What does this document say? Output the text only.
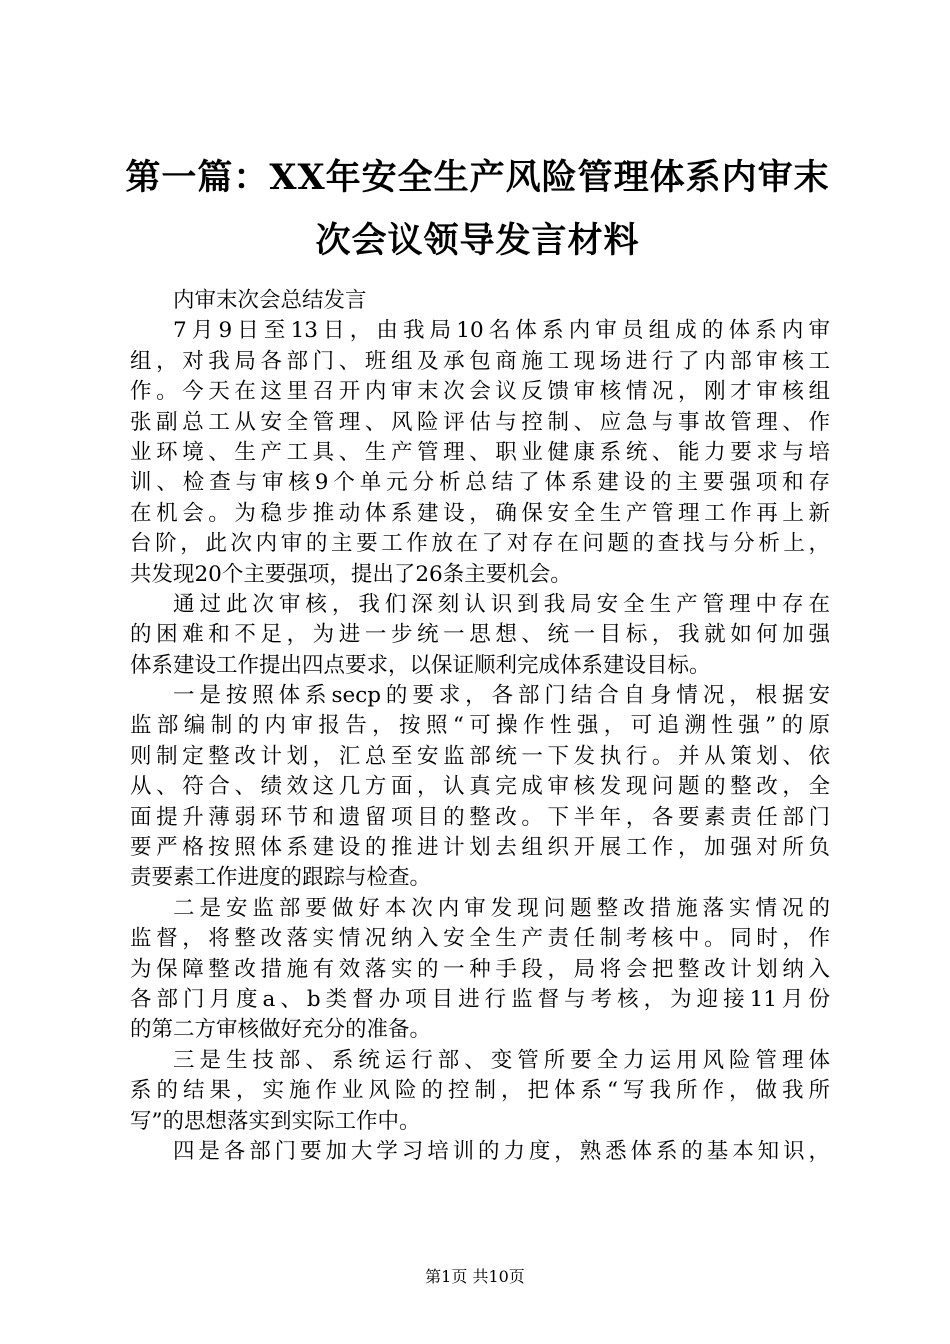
第一篇：XX年安全生产风险管理体系内审末
次会议领导发言材料
内审末次会总结发言
7月9日至13日，由我局10名体系内审员组成的体系内审
组，对我局各部门、班组及承包商施工现场进行了内部审核工
作。今天在这里召开内审末次会议反馈审核情况，刚才审核组
张副总工从安全管理、风险评估与控制、应急与事故管理、作
业环境、生产工具、生产管理、职业健康系统、能力要求与培
训、检查与审核9个单元分析总结了体系建设的主要强项和存
在机会。为稳步推动体系建设，确保安全生产管理工作再上新
台阶，此次内审的主要工作放在了对存在问题的查找与分析上，
共发现20个主要强项，提出了26条主要机会。
通过此次审核，我们深刻认识到我局安全生产管理中存在
的困难和不足，为进一步统一思想、统一目标，我就如何加强
体系建设工作提出四点要求，以保证顺利完成体系建设目标。
一是按照体系secp的要求，各部门结合自身情况，根据安
监部编制的内审报告，按照“可操作性强，可追溯性强”的原
则制定整改计划，汇总至安监部统一下发执行。并从策划、依
从、符合、绩效这几方面，认真完成审核发现问题的整改，全
面提升薄弱环节和遗留项目的整改。下半年，各要素责任部门
要严格按照体系建设的推进计划去组织开展工作，加强对所负
责要素工作进度的跟踪与检查。
二是安监部要做好本次内审发现问题整改措施落实情况的
监督，将整改落实情况纳入安全生产责任制考核中。同时，作
为保障整改措施有效落实的一种手段，局将会把整改计划纳入
各部门月度a、b类督办项目进行监督与考核，为迎接11月份
的第二方审核做好充分的准备。
三是生技部、系统运行部、变管所要全力运用风险管理体
系的结果，实施作业风险的控制，把体系“写我所作，做我所
写”的思想落实到实际工作中。
四是各部门要加大学习培训的力度，熟悉体系的基本知识，
第1页 共10页
